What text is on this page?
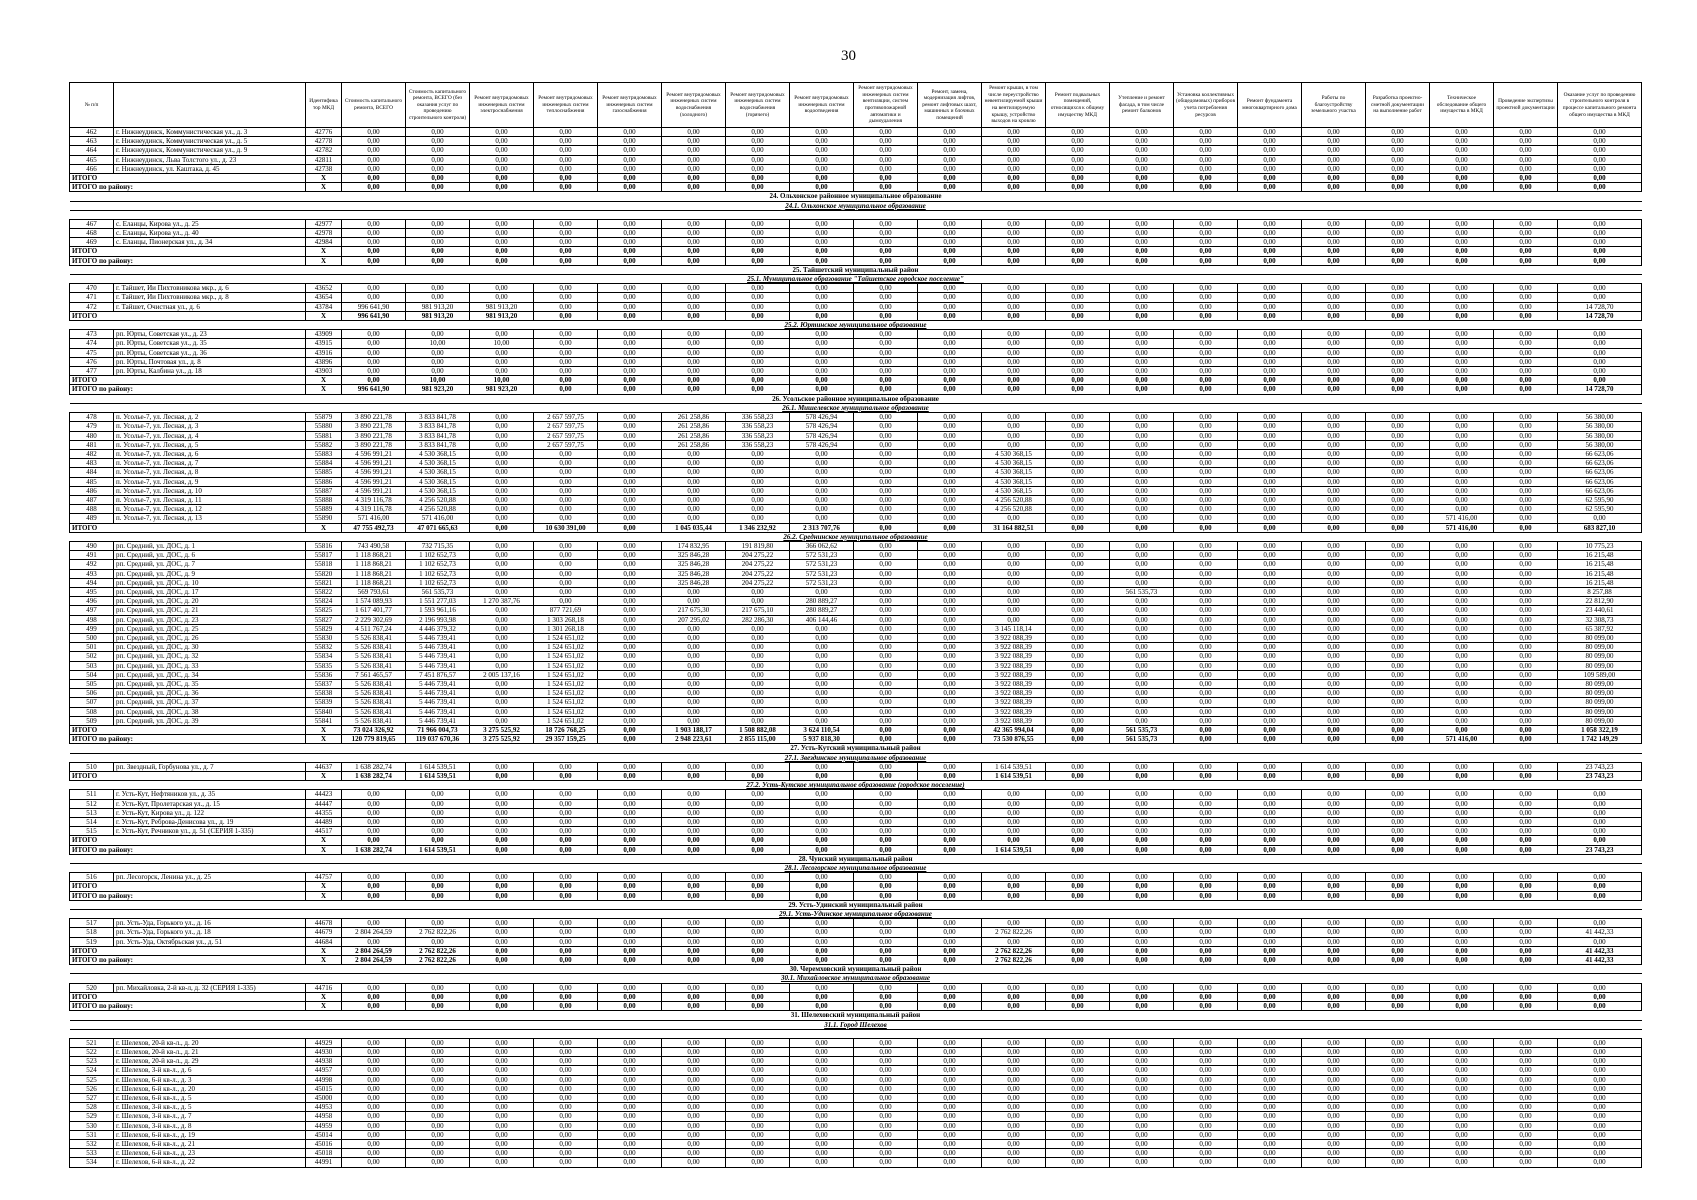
30
№ п/п		Идентифика тор МКД	Стоимость капитального ремонта, ВСЕГО	Стоимость капитального ремонта, ВСЕГО (без оказания услуг по проведению строительного контроля)	Ремонт внутридомовых инженерных систем электроснабжения	Ремонт внутридомовых инженерных систем теплоснабжения	Ремонт внутридомовых инженерных систем газоснабжения	Ремонт внутридомовых инженерных систем водоснабжения (холодного)	Ремонт внутридомовых инженерных систем водоснабжения (горячего)	Ремонт внутридомовых инженерных систем водоотведения	Ремонт внутридомовых инженерных систем вентиляции, систем противопожарной автоматики и дымоудаления	Ремонт, замена, модернизация лифтов, ремонт лифтовых шахт, машинных и блочных помещений	Ремонт крыши, в том числе переустройство невентилируемой крыши на вентилируемую крышу, устройство выходов на кровлю	Ремонт подвальных помещений, относящихся к общему имуществу МКД	Утепление и ремонт фасада, в том числе ремонт балконов	Установка коллективных (общедомовых) приборов учета потребления ресурсов	Ремонт фундамента многоквартирного дома	Работы по благоустройству земельного участка	Разработка проектно-сметной документации на выполнение работ	Техническое обследование общего имущества в МКД	Проведение экспертизы проектной документации	Оказание услуг по проведению строительного контроля в процессе капитального ремонта общего имущества в МКД
462	г. Нижнеудинск, Коммунистическая ул., д. 3	42776	0,00	0,00	0,00	0,00	0,00	0,00	0,00	0,00	0,00	0,00	0,00	0,00	0,00	0,00	0,00	0,00	0,00	0,00	0,00	0,00
463	г. Нижнеудинск, Коммунистическая ул., д. 5	42778	0,00	0,00	0,00	0,00	0,00	0,00	0,00	0,00	0,00	0,00	0,00	0,00	0,00	0,00	0,00	0,00	0,00	0,00	0,00	0,00
464	г. Нижнеудинск, Коммунистическая ул., д. 9	42782	0,00	0,00	0,00	0,00	0,00	0,00	0,00	0,00	0,00	0,00	0,00	0,00	0,00	0,00	0,00	0,00	0,00	0,00	0,00	0,00
465	г. Нижнеудинск, Льва Толстого ул., д. 23	42811	0,00	0,00	0,00	0,00	0,00	0,00	0,00	0,00	0,00	0,00	0,00	0,00	0,00	0,00	0,00	0,00	0,00	0,00	0,00	0,00
466	г. Нижнеудинск, ул. Каштака, д. 45	42738	0,00	0,00	0,00	0,00	0,00	0,00	0,00	0,00	0,00	0,00	0,00	0,00	0,00	0,00	0,00	0,00	0,00	0,00	0,00	0,00
ИТОГО		Х	0,00	0,00	0,00	0,00	0,00	0,00	0,00	0,00	0,00	0,00	0,00	0,00	0,00	0,00	0,00	0,00	0,00	0,00	0,00	0,00
ИТОГО по району:		Х	0,00	0,00	0,00	0,00	0,00	0,00	0,00	0,00	0,00	0,00	0,00	0,00	0,00	0,00	0,00	0,00	0,00	0,00	0,00	0,00
24. Ольхонское районное муниципальное образование																						
24.1. Ольхонское муниципальное образование																						

467	с. Еланцы, Кирова ул., д. 25	42977	0,00	0,00	0,00	0,00	0,00	0,00	0,00	0,00	0,00	0,00	0,00	0,00	0,00	0,00	0,00	0,00	0,00	0,00	0,00	0,00
468	с. Еланцы, Кирова ул., д. 40	42978	0,00	0,00	0,00	0,00	0,00	0,00	0,00	0,00	0,00	0,00	0,00	0,00	0,00	0,00	0,00	0,00	0,00	0,00	0,00	0,00
469	с. Еланцы, Пионерская ул., д. 34	42984	0,00	0,00	0,00	0,00	0,00	0,00	0,00	0,00	0,00	0,00	0,00	0,00	0,00	0,00	0,00	0,00	0,00	0,00	0,00	0,00
ИТОГО		Х	0,00	0,00	0,00	0,00	0,00	0,00	0,00	0,00	0,00	0,00	0,00	0,00	0,00	0,00	0,00	0,00	0,00	0,00	0,00	0,00
ИТОГО по району:		Х	0,00	0,00	0,00	0,00	0,00	0,00	0,00	0,00	0,00	0,00	0,00	0,00	0,00	0,00	0,00	0,00	0,00	0,00	0,00	0,00
25. Тайшетский муниципальный район																						
25.1. Муниципальное образование "Тайшетское городское поселение"																						
470	г. Тайшет, Ии Пихтовникова мкр., д. 6	43652	0,00	0,00	0,00	0,00	0,00	0,00	0,00	0,00	0,00	0,00	0,00	0,00	0,00	0,00	0,00	0,00	0,00	0,00	0,00	0,00
471	г. Тайшет, Ии Пихтовникова мкр., д. 8	43654	0,00	0,00	0,00	0,00	0,00	0,00	0,00	0,00	0,00	0,00	0,00	0,00	0,00	0,00	0,00	0,00	0,00	0,00	0,00	0,00
472	г. Тайшет, Очистная ул., д. 6	43784	996 641,90	981 913,20	981 913,20	0,00	0,00	0,00	0,00	0,00	0,00	0,00	0,00	0,00	0,00	0,00	0,00	0,00	0,00	0,00	0,00	14 728,70
ИТОГО		Х	996 641,90	981 913,20	981 913,20	0,00	0,00	0,00	0,00	0,00	0,00	0,00	0,00	0,00	0,00	0,00	0,00	0,00	0,00	0,00	0,00	14 728,70
25.2. Юртинское муниципальное образование																						
473	рп. Юрты, Советская ул., д. 23	43909	0,00	0,00	0,00	0,00	0,00	0,00	0,00	0,00	0,00	0,00	0,00	0,00	0,00	0,00	0,00	0,00	0,00	0,00	0,00	0,00
474	рп. Юрты, Советская ул., д. 35	43915	0,00	10,00	10,00	0,00	0,00	0,00	0,00	0,00	0,00	0,00	0,00	0,00	0,00	0,00	0,00	0,00	0,00	0,00	0,00	0,00
475	рп. Юрты, Советская ул., д. 36	43916	0,00	0,00	0,00	0,00	0,00	0,00	0,00	0,00	0,00	0,00	0,00	0,00	0,00	0,00	0,00	0,00	0,00	0,00	0,00	0,00
476	рп. Юрты, Почтовая ул., д. 8	43896	0,00	0,00	0,00	0,00	0,00	0,00	0,00	0,00	0,00	0,00	0,00	0,00	0,00	0,00	0,00	0,00	0,00	0,00	0,00	0,00
477	рп. Юрты, Калбина ул., д. 18	43903	0,00	0,00	0,00	0,00	0,00	0,00	0,00	0,00	0,00	0,00	0,00	0,00	0,00	0,00	0,00	0,00	0,00	0,00	0,00	0,00
ИТОГО		Х	0,00	10,00	10,00	0,00	0,00	0,00	0,00	0,00	0,00	0,00	0,00	0,00	0,00	0,00	0,00	0,00	0,00	0,00	0,00	0,00
ИТОГО по району:		Х	996 641,90	981 923,20	981 923,20	0,00	0,00	0,00	0,00	0,00	0,00	0,00	0,00	0,00	0,00	0,00	0,00	0,00	0,00	0,00	0,00	14 728,70
26. Усольское районное муниципальное образование																						
26.1. Мишелевское муниципальное образование																						
478	п. Усолье-7, ул. Лесная, д. 2	55879	3 890 221,78	3 833 841,78	0,00	2 657 597,75	0,00	261 258,86	336 558,23	578 426,94	0,00	0,00	0,00	0,00	0,00	0,00	0,00	0,00	0,00	0,00	0,00	56 380,00
479	п. Усолье-7, ул. Лесная, д. 3	55880	3 890 221,78	3 833 841,78	0,00	2 657 597,75	0,00	261 258,86	336 558,23	578 426,94	0,00	0,00	0,00	0,00	0,00	0,00	0,00	0,00	0,00	0,00	0,00	56 380,00
480	п. Усолье-7, ул. Лесная, д. 4	55881	3 890 221,78	3 833 841,78	0,00	2 657 597,75	0,00	261 258,86	336 558,23	578 426,94	0,00	0,00	0,00	0,00	0,00	0,00	0,00	0,00	0,00	0,00	0,00	56 380,00
481	п. Усолье-7, ул. Лесная, д. 5	55882	3 890 221,78	3 833 841,78	0,00	2 657 597,75	0,00	261 258,86	336 558,23	578 426,94	0,00	0,00	0,00	0,00	0,00	0,00	0,00	0,00	0,00	0,00	0,00	56 380,00
482	п. Усолье-7, ул. Лесная, д. 6	55883	4 596 991,21	4 530 368,15	0,00	0,00	0,00	0,00	0,00	0,00	0,00	0,00	4 530 368,15	0,00	0,00	0,00	0,00	0,00	0,00	0,00	0,00	66 623,06
483	п. Усолье-7, ул. Лесная, д. 7	55884	4 596 991,21	4 530 368,15	0,00	0,00	0,00	0,00	0,00	0,00	0,00	0,00	4 530 368,15	0,00	0,00	0,00	0,00	0,00	0,00	0,00	0,00	66 623,06
484	п. Усолье-7, ул. Лесная, д. 8	55885	4 596 991,21	4 530 368,15	0,00	0,00	0,00	0,00	0,00	0,00	0,00	0,00	4 530 368,15	0,00	0,00	0,00	0,00	0,00	0,00	0,00	0,00	66 623,06
485	п. Усолье-7, ул. Лесная, д. 9	55886	4 596 991,21	4 530 368,15	0,00	0,00	0,00	0,00	0,00	0,00	0,00	0,00	4 530 368,15	0,00	0,00	0,00	0,00	0,00	0,00	0,00	0,00	66 623,06
486	п. Усолье-7, ул. Лесная, д. 10	55887	4 596 991,21	4 530 368,15	0,00	0,00	0,00	0,00	0,00	0,00	0,00	0,00	4 530 368,15	0,00	0,00	0,00	0,00	0,00	0,00	0,00	0,00	66 623,06
487	п. Усолье-7, ул. Лесная, д. 11	55888	4 319 116,78	4 256 520,88	0,00	0,00	0,00	0,00	0,00	0,00	0,00	0,00	4 256 520,88	0,00	0,00	0,00	0,00	0,00	0,00	0,00	0,00	62 595,90
488	п. Усолье-7, ул. Лесная, д. 12	55889	4 319 116,78	4 256 520,88	0,00	0,00	0,00	0,00	0,00	0,00	0,00	0,00	4 256 520,88	0,00	0,00	0,00	0,00	0,00	0,00	0,00	0,00	62 595,90
489	п. Усолье-7, ул. Лесная, д. 13	55890	571 416,00	571 416,00	0,00	0,00	0,00	0,00	0,00	0,00	0,00	0,00	0,00	0,00	0,00	0,00	0,00	0,00	0,00	571 416,00	0,00	0,00
ИТОГО		Х	47 755 492,73	47 071 665,63	0,00	10 630 391,00	0,00	1 045 035,44	1 346 232,92	2 313 707,76	0,00	0,00	31 164 882,51	0,00	0,00	0,00	0,00	0,00	0,00	571 416,00	0,00	683 827,10
26.2. Среднинское муниципальное образование																						
490	рп. Средний, ул. ДОС, д. 1	55816	743 490,58	732 715,35	0,00	0,00	0,00	174 832,95	191 819,80	366 062,62	0,00	0,00	0,00	0,00	0,00	0,00	0,00	0,00	0,00	0,00	0,00	10 775,23
491	рп. Средний, ул. ДОС, д. 6	55817	1 118 868,21	1 102 652,73	0,00	0,00	0,00	325 846,28	204 275,22	572 531,23	0,00	0,00	0,00	0,00	0,00	0,00	0,00	0,00	0,00	0,00	0,00	16 215,48
492	рп. Средний, ул. ДОС, д. 7	55818	1 118 868,21	1 102 652,73	0,00	0,00	0,00	325 846,28	204 275,22	572 531,23	0,00	0,00	0,00	0,00	0,00	0,00	0,00	0,00	0,00	0,00	0,00	16 215,48
493	рп. Средний, ул. ДОС, д. 9	55820	1 118 868,21	1 102 652,73	0,00	0,00	0,00	325 846,28	204 275,22	572 531,23	0,00	0,00	0,00	0,00	0,00	0,00	0,00	0,00	0,00	0,00	0,00	16 215,48
494	рп. Средний, ул. ДОС, д. 10	55821	1 118 868,21	1 102 652,73	0,00	0,00	0,00	325 846,28	204 275,22	572 531,23	0,00	0,00	0,00	0,00	0,00	0,00	0,00	0,00	0,00	0,00	0,00	16 215,48
495	рп. Средний, ул. ДОС, д. 17	55822	569 793,61	561 535,73	0,00	0,00	0,00	0,00	0,00	0,00	0,00	0,00	0,00	0,00	561 535,73	0,00	0,00	0,00	0,00	0,00	0,00	8 257,88
496	рп. Средний, ул. ДОС, д. 20	55824	1 574 089,93	1 551 277,03	1 270 387,76	0,00	0,00	0,00	0,00	280 889,27	0,00	0,00	0,00	0,00	0,00	0,00	0,00	0,00	0,00	0,00	0,00	22 812,90
497	рп. Средний, ул. ДОС, д. 21	55825	1 617 401,77	1 593 961,16	0,00	877 721,69	0,00	217 675,30	217 675,10	280 889,27	0,00	0,00	0,00	0,00	0,00	0,00	0,00	0,00	0,00	0,00	0,00	23 440,61
498	рп. Средний, ул. ДОС, д. 23	55827	2 229 302,69	2 196 993,98	0,00	1 303 268,18	0,00	207 295,02	282 286,30	406 144,46	0,00	0,00	0,00	0,00	0,00	0,00	0,00	0,00	0,00	0,00	0,00	32 308,73
499	рп. Средний, ул. ДОС, д. 25	55829	4 511 767,24	4 446 379,32	0,00	1 301 268,18	0,00	0,00	0,00	0,00	0,00	0,00	3 145 118,14	0,00	0,00	0,00	0,00	0,00	0,00	0,00	0,00	65 387,92
500	рп. Средний, ул. ДОС, д. 26	55830	5 526 838,41	5 446 739,41	0,00	1 524 651,02	0,00	0,00	0,00	0,00	0,00	0,00	3 922 088,39	0,00	0,00	0,00	0,00	0,00	0,00	0,00	0,00	80 099,00
501	рп. Средний, ул. ДОС, д. 30	55832	5 526 838,41	5 446 739,41	0,00	1 524 651,02	0,00	0,00	0,00	0,00	0,00	0,00	3 922 088,39	0,00	0,00	0,00	0,00	0,00	0,00	0,00	0,00	80 099,00
502	рп. Средний, ул. ДОС, д. 32	55834	5 526 838,41	5 446 739,41	0,00	1 524 651,02	0,00	0,00	0,00	0,00	0,00	0,00	3 922 088,39	0,00	0,00	0,00	0,00	0,00	0,00	0,00	0,00	80 099,00
503	рп. Средний, ул. ДОС, д. 33	55835	5 526 838,41	5 446 739,41	0,00	1 524 651,02	0,00	0,00	0,00	0,00	0,00	0,00	3 922 088,39	0,00	0,00	0,00	0,00	0,00	0,00	0,00	0,00	80 099,00
504	рп. Средний, ул. ДОС, д. 34	55836	7 561 465,57	7 451 876,57	2 005 137,16	1 524 651,02	0,00	0,00	0,00	0,00	0,00	0,00	3 922 088,39	0,00	0,00	0,00	0,00	0,00	0,00	0,00	0,00	109 589,00
505	рп. Средний, ул. ДОС, д. 35	55837	5 526 838,41	5 446 739,41	0,00	1 524 651,02	0,00	0,00	0,00	0,00	0,00	0,00	3 922 088,39	0,00	0,00	0,00	0,00	0,00	0,00	0,00	0,00	80 099,00
506	рп. Средний, ул. ДОС, д. 36	55838	5 526 838,41	5 446 739,41	0,00	1 524 651,02	0,00	0,00	0,00	0,00	0,00	0,00	3 922 088,39	0,00	0,00	0,00	0,00	0,00	0,00	0,00	0,00	80 099,00
507	рп. Средний, ул. ДОС, д. 37	55839	5 526 838,41	5 446 739,41	0,00	1 524 651,02	0,00	0,00	0,00	0,00	0,00	0,00	3 922 088,39	0,00	0,00	0,00	0,00	0,00	0,00	0,00	0,00	80 099,00
508	рп. Средний, ул. ДОС, д. 38	55840	5 526 838,41	5 446 739,41	0,00	1 524 651,02	0,00	0,00	0,00	0,00	0,00	0,00	3 922 088,39	0,00	0,00	0,00	0,00	0,00	0,00	0,00	0,00	80 099,00
509	рп. Средний, ул. ДОС, д. 39	55841	5 526 838,41	5 446 739,41	0,00	1 524 651,02	0,00	0,00	0,00	0,00	0,00	0,00	3 922 088,39	0,00	0,00	0,00	0,00	0,00	0,00	0,00	0,00	80 099,00
ИТОГО		Х	73 024 326,92	71 966 004,73	3 275 525,92	18 726 768,25	0,00	1 903 188,17	1 508 882,08	3 624 110,54	0,00	0,00	42 365 994,04	0,00	561 535,73	0,00	0,00	0,00	0,00	0,00	0,00	1 058 322,19
ИТОГО по району:		Х	120 779 819,65	119 037 670,36	3 275 525,92	29 357 159,25	0,00	2 948 223,61	2 855 115,00	5 937 818,30	0,00	0,00	73 530 876,55	0,00	561 535,73	0,00	0,00	0,00	0,00	571 416,00	0,00	1 742 149,29
27. Усть-Кутский муниципальный район																						
27.1. Звездинское муниципальное образование																						
510	рп. Звездный, Горбунова ул., д. 7	44637	1 638 282,74	1 614 539,51	0,00	0,00	0,00	0,00	0,00	0,00	0,00	0,00	1 614 539,51	0,00	0,00	0,00	0,00	0,00	0,00	0,00	0,00	23 743,23
ИТОГО		Х	1 638 282,74	1 614 539,51	0,00	0,00	0,00	0,00	0,00	0,00	0,00	0,00	1 614 539,51	0,00	0,00	0,00	0,00	0,00	0,00	0,00	0,00	23 743,23
27.2. Усть-Кутское муниципальное образование (городское поселение)																						
511	г. Усть-Кут, Нефтяников ул., д. 35	44423	0,00	0,00	0,00	0,00	0,00	0,00	0,00	0,00	0,00	0,00	0,00	0,00	0,00	0,00	0,00	0,00	0,00	0,00	0,00	0,00
512	г. Усть-Кут, Пролетарская ул., д. 15	44447	0,00	0,00	0,00	0,00	0,00	0,00	0,00	0,00	0,00	0,00	0,00	0,00	0,00	0,00	0,00	0,00	0,00	0,00	0,00	0,00
513	г. Усть-Кут, Кирова ул., д. 122	44355	0,00	0,00	0,00	0,00	0,00	0,00	0,00	0,00	0,00	0,00	0,00	0,00	0,00	0,00	0,00	0,00	0,00	0,00	0,00	0,00
514	г. Усть-Кут, Реброва-Денисова ул., д. 19	44489	0,00	0,00	0,00	0,00	0,00	0,00	0,00	0,00	0,00	0,00	0,00	0,00	0,00	0,00	0,00	0,00	0,00	0,00	0,00	0,00
515	г. Усть-Кут, Речников ул., д. 51 (СЕРИЯ 1-335)	44517	0,00	0,00	0,00	0,00	0,00	0,00	0,00	0,00	0,00	0,00	0,00	0,00	0,00	0,00	0,00	0,00	0,00	0,00	0,00	0,00
ИТОГО		Х	0,00	0,00	0,00	0,00	0,00	0,00	0,00	0,00	0,00	0,00	0,00	0,00	0,00	0,00	0,00	0,00	0,00	0,00	0,00	0,00
ИТОГО по району:		Х	1 638 282,74	1 614 539,51	0,00	0,00	0,00	0,00	0,00	0,00	0,00	0,00	1 614 539,51	0,00	0,00	0,00	0,00	0,00	0,00	0,00	0,00	23 743,23
28. Чунский муниципальный район																						
28.1. Лесогорское муниципальное образование																						
516	рп. Лесогорск, Ленина ул., д. 25	44757	0,00	0,00	0,00	0,00	0,00	0,00	0,00	0,00	0,00	0,00	0,00	0,00	0,00	0,00	0,00	0,00	0,00	0,00	0,00	0,00
ИТОГО		Х	0,00	0,00	0,00	0,00	0,00	0,00	0,00	0,00	0,00	0,00	0,00	0,00	0,00	0,00	0,00	0,00	0,00	0,00	0,00	0,00
ИТОГО по району:		Х	0,00	0,00	0,00	0,00	0,00	0,00	0,00	0,00	0,00	0,00	0,00	0,00	0,00	0,00	0,00	0,00	0,00	0,00	0,00	0,00
29. Усть-Удинский муниципальный район																						
29.1. Усть-Удинское муниципальное образование																						
517	рп. Усть-Уда, Горького ул., д. 16	44678	0,00	0,00	0,00	0,00	0,00	0,00	0,00	0,00	0,00	0,00	0,00	0,00	0,00	0,00	0,00	0,00	0,00	0,00	0,00	0,00
518	рп. Усть-Уда, Горького ул., д. 18	44679	2 804 264,59	2 762 822,26	0,00	0,00	0,00	0,00	0,00	0,00	0,00	0,00	2 762 822,26	0,00	0,00	0,00	0,00	0,00	0,00	0,00	0,00	41 442,33
519	рп. Усть-Уда, Октябрьская ул., д. 51	44684	0,00	0,00	0,00	0,00	0,00	0,00	0,00	0,00	0,00	0,00	0,00	0,00	0,00	0,00	0,00	0,00	0,00	0,00	0,00	0,00
ИТОГО		Х	2 804 264,59	2 762 822,26	0,00	0,00	0,00	0,00	0,00	0,00	0,00	0,00	2 762 822,26	0,00	0,00	0,00	0,00	0,00	0,00	0,00	0,00	41 442,33
ИТОГО по району:		Х	2 804 264,59	2 762 822,26	0,00	0,00	0,00	0,00	0,00	0,00	0,00	0,00	2 762 822,26	0,00	0,00	0,00	0,00	0,00	0,00	0,00	0,00	41 442,33
30. Черемховский муниципальный район																						
30.1. Михайловское муниципальное образование																						
520	рп. Михайловка, 2-й кв-л, д. 32 (СЕРИЯ 1-335)	44716	0,00	0,00	0,00	0,00	0,00	0,00	0,00	0,00	0,00	0,00	0,00	0,00	0,00	0,00	0,00	0,00	0,00	0,00	0,00	0,00
ИТОГО		Х	0,00	0,00	0,00	0,00	0,00	0,00	0,00	0,00	0,00	0,00	0,00	0,00	0,00	0,00	0,00	0,00	0,00	0,00	0,00	0,00
ИТОГО по району:		Х	0,00	0,00	0,00	0,00	0,00	0,00	0,00	0,00	0,00	0,00	0,00	0,00	0,00	0,00	0,00	0,00	0,00	0,00	0,00	0,00
31. Шелеховский муниципальный район																						
31.1. Город Шелехов																						

521	г. Шелехов, 20-й кв-л., д. 20	44929	0,00	0,00	0,00	0,00	0,00	0,00	0,00	0,00	0,00	0,00	0,00	0,00	0,00	0,00	0,00	0,00	0,00	0,00	0,00	0,00
522	г. Шелехов, 20-й кв-л., д. 21	44930	0,00	0,00	0,00	0,00	0,00	0,00	0,00	0,00	0,00	0,00	0,00	0,00	0,00	0,00	0,00	0,00	0,00	0,00	0,00	0,00
523	г. Шелехов, 20-й кв-л., д. 29	44938	0,00	0,00	0,00	0,00	0,00	0,00	0,00	0,00	0,00	0,00	0,00	0,00	0,00	0,00	0,00	0,00	0,00	0,00	0,00	0,00
524	г. Шелехов, 3-й кв-л., д. 6	44957	0,00	0,00	0,00	0,00	0,00	0,00	0,00	0,00	0,00	0,00	0,00	0,00	0,00	0,00	0,00	0,00	0,00	0,00	0,00	0,00
525	г. Шелехов, 6-й кв-л., д. 3	44998	0,00	0,00	0,00	0,00	0,00	0,00	0,00	0,00	0,00	0,00	0,00	0,00	0,00	0,00	0,00	0,00	0,00	0,00	0,00	0,00
526	г. Шелехов, 6-й кв-л., д. 20	45015	0,00	0,00	0,00	0,00	0,00	0,00	0,00	0,00	0,00	0,00	0,00	0,00	0,00	0,00	0,00	0,00	0,00	0,00	0,00	0,00
527	г. Шелехов, 6-й кв-л., д. 5	45000	0,00	0,00	0,00	0,00	0,00	0,00	0,00	0,00	0,00	0,00	0,00	0,00	0,00	0,00	0,00	0,00	0,00	0,00	0,00	0,00
528	г. Шелехов, 3-й кв-л., д. 5	44953	0,00	0,00	0,00	0,00	0,00	0,00	0,00	0,00	0,00	0,00	0,00	0,00	0,00	0,00	0,00	0,00	0,00	0,00	0,00	0,00
529	г. Шелехов, 3-й кв-л., д. 7	44958	0,00	0,00	0,00	0,00	0,00	0,00	0,00	0,00	0,00	0,00	0,00	0,00	0,00	0,00	0,00	0,00	0,00	0,00	0,00	0,00
530	г. Шелехов, 3-й кв-л., д. 8	44959	0,00	0,00	0,00	0,00	0,00	0,00	0,00	0,00	0,00	0,00	0,00	0,00	0,00	0,00	0,00	0,00	0,00	0,00	0,00	0,00
531	г. Шелехов, 6-й кв-л., д. 19	45014	0,00	0,00	0,00	0,00	0,00	0,00	0,00	0,00	0,00	0,00	0,00	0,00	0,00	0,00	0,00	0,00	0,00	0,00	0,00	0,00
532	г. Шелехов, 6-й кв-л., д. 21	45016	0,00	0,00	0,00	0,00	0,00	0,00	0,00	0,00	0,00	0,00	0,00	0,00	0,00	0,00	0,00	0,00	0,00	0,00	0,00	0,00
533	г. Шелехов, 6-й кв-л., д. 23	45018	0,00	0,00	0,00	0,00	0,00	0,00	0,00	0,00	0,00	0,00	0,00	0,00	0,00	0,00	0,00	0,00	0,00	0,00	0,00	0,00
534	г. Шелехов, 6-й кв-л., д. 22	44991	0,00	0,00	0,00	0,00	0,00	0,00	0,00	0,00	0,00	0,00	0,00	0,00	0,00	0,00	0,00	0,00	0,00	0,00	0,00	0,00
